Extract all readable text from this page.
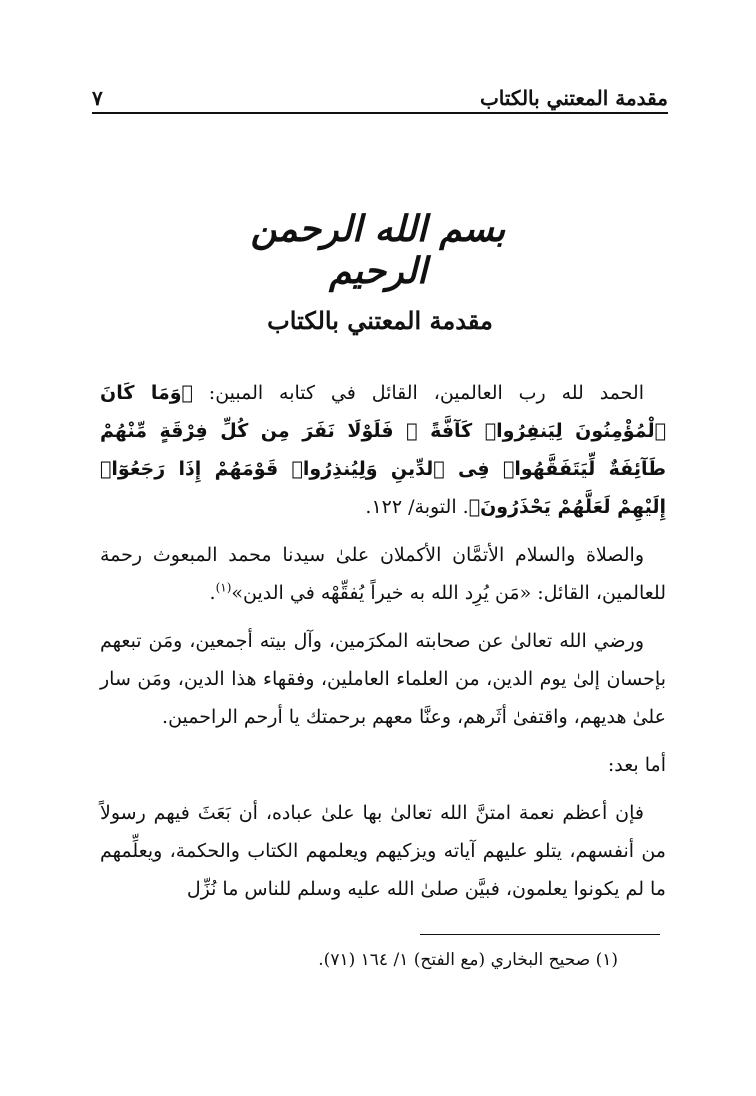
مقدمة المعتني بالكتاب
٧
بسم الله الرحمن الرحيم
مقدمة المعتني بالكتاب

الحمد لله رب العالمين، القائل في كتابه المبين: ﴿وَمَا كَانَ ٱلْمُؤْمِنُونَ لِيَنفِرُوا۟ كَآفَّةً ۚ فَلَوْلَا نَفَرَ مِن كُلِّ فِرْقَةٍ مِّنْهُمْ طَآئِفَةٌ لِّيَتَفَقَّهُوا۟ فِى ٱلدِّينِ وَلِيُنذِرُوا۟ قَوْمَهُمْ إِذَا رَجَعُوٓا۟ إِلَيْهِمْ لَعَلَّهُمْ يَحْذَرُونَ﴾. التوبة/ ١٢٢.

والصلاة والسلام الأتمَّان الأكملان علىٰ سيدنا محمد المبعوث رحمة للعالمين، القائل: «مَن يُرِد الله به خيراً يُفقِّهْه في الدين»$^{(١)}$.

ورضي الله تعالىٰ عن صحابته المكرَمين، وآل بيته أجمعين، ومَن تبعهم بإحسان إلىٰ يوم الدين، من العلماء العاملين، وفقهاء هذا الدين، ومَن سار علىٰ هديهم، واقتفىٰ أثَرهم، وعنَّا معهم برحمتك يا أرحم الراحمين.

أما بعد:

فإن أعظم نعمة امتنَّ الله تعالىٰ بها علىٰ عباده، أن بَعَثَ فيهم رسولاً من أنفسهم، يتلو عليهم آياته ويزكيهم ويعلمهم الكتاب والحكمة، ويعلِّمهم ما لم يكونوا يعلمون، فبيَّن صلىٰ الله عليه وسلم للناس ما نُزِّل

(١) صحيح البخاري (مع الفتح) ١/ ١٦٤ (٧١).
